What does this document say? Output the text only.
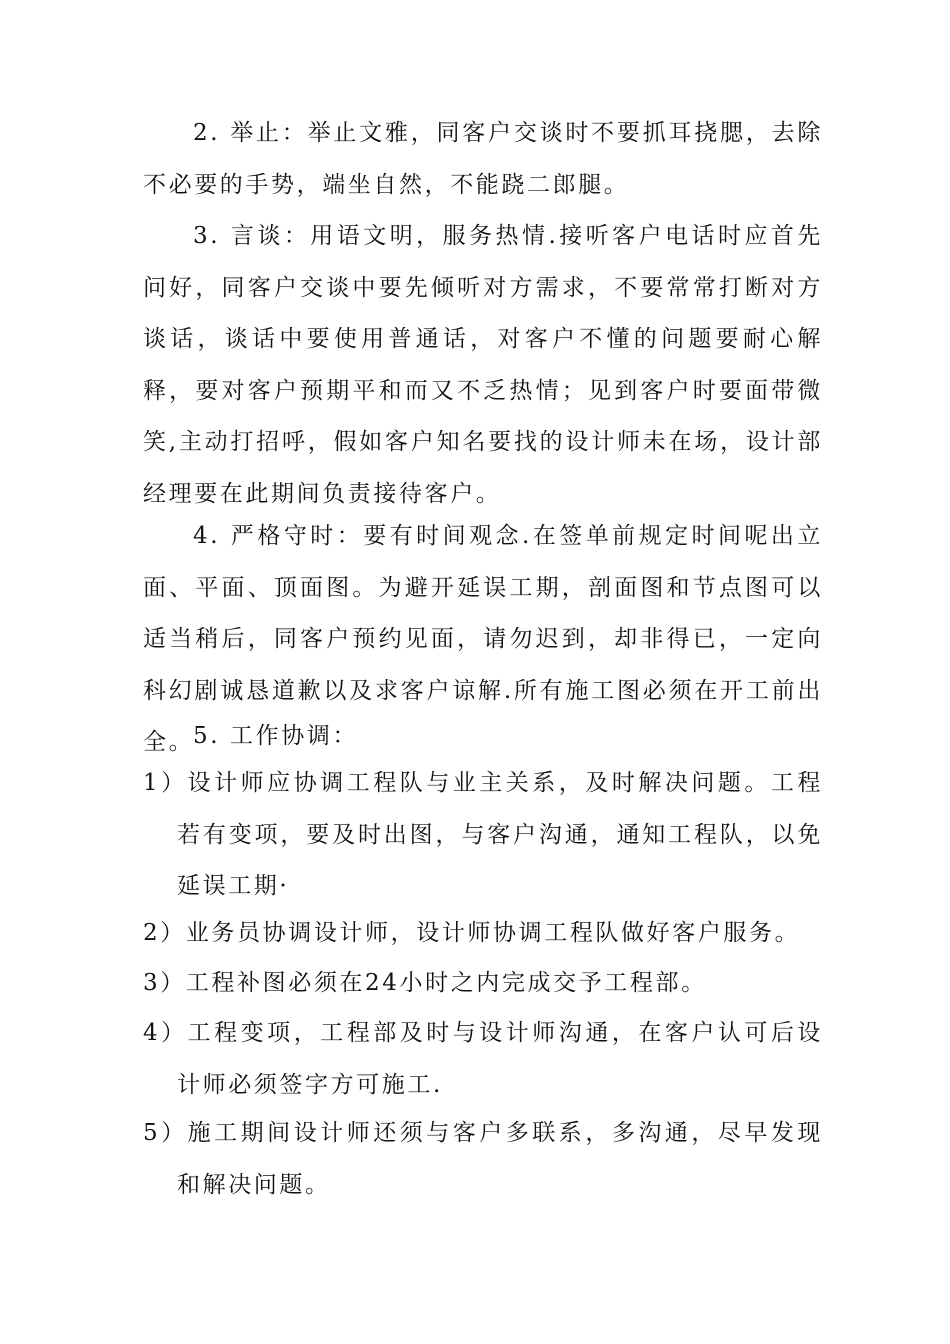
2. 举止：举止文雅，同客户交谈时不要抓耳挠腮，去除不必要的手势，端坐自然，不能跷二郎腿。

3. 言谈：用语文明，服务热情.接听客户电话时应首先问好，同客户交谈中要先倾听对方需求，不要常常打断对方谈话，谈话中要使用普通话，对客户不懂的问题要耐心解释，要对客户预期平和而又不乏热情；见到客户时要面带微笑,主动打招呼，假如客户知名要找的设计师未在场，设计部经理要在此期间负责接待客户。

4. 严格守时：要有时间观念.在签单前规定时间呢出立面、平面、顶面图。为避开延误工期，剖面图和节点图可以适当稍后，同客户预约见面，请勿迟到，却非得已，一定向科幻剧诚恳道歉以及求客户谅解.所有施工图必须在开工前出全。

5. 工作协调：

1）设计师应协调工程队与业主关系，及时解决问题。工程若有变项，要及时出图，与客户沟通，通知工程队，以免延误工期·

2）业务员协调设计师，设计师协调工程队做好客户服务。

3）工程补图必须在24小时之内完成交予工程部。

4）工程变项，工程部及时与设计师沟通，在客户认可后设计师必须签字方可施工.

5）施工期间设计师还须与客户多联系，多沟通，尽早发现和解决问题。
